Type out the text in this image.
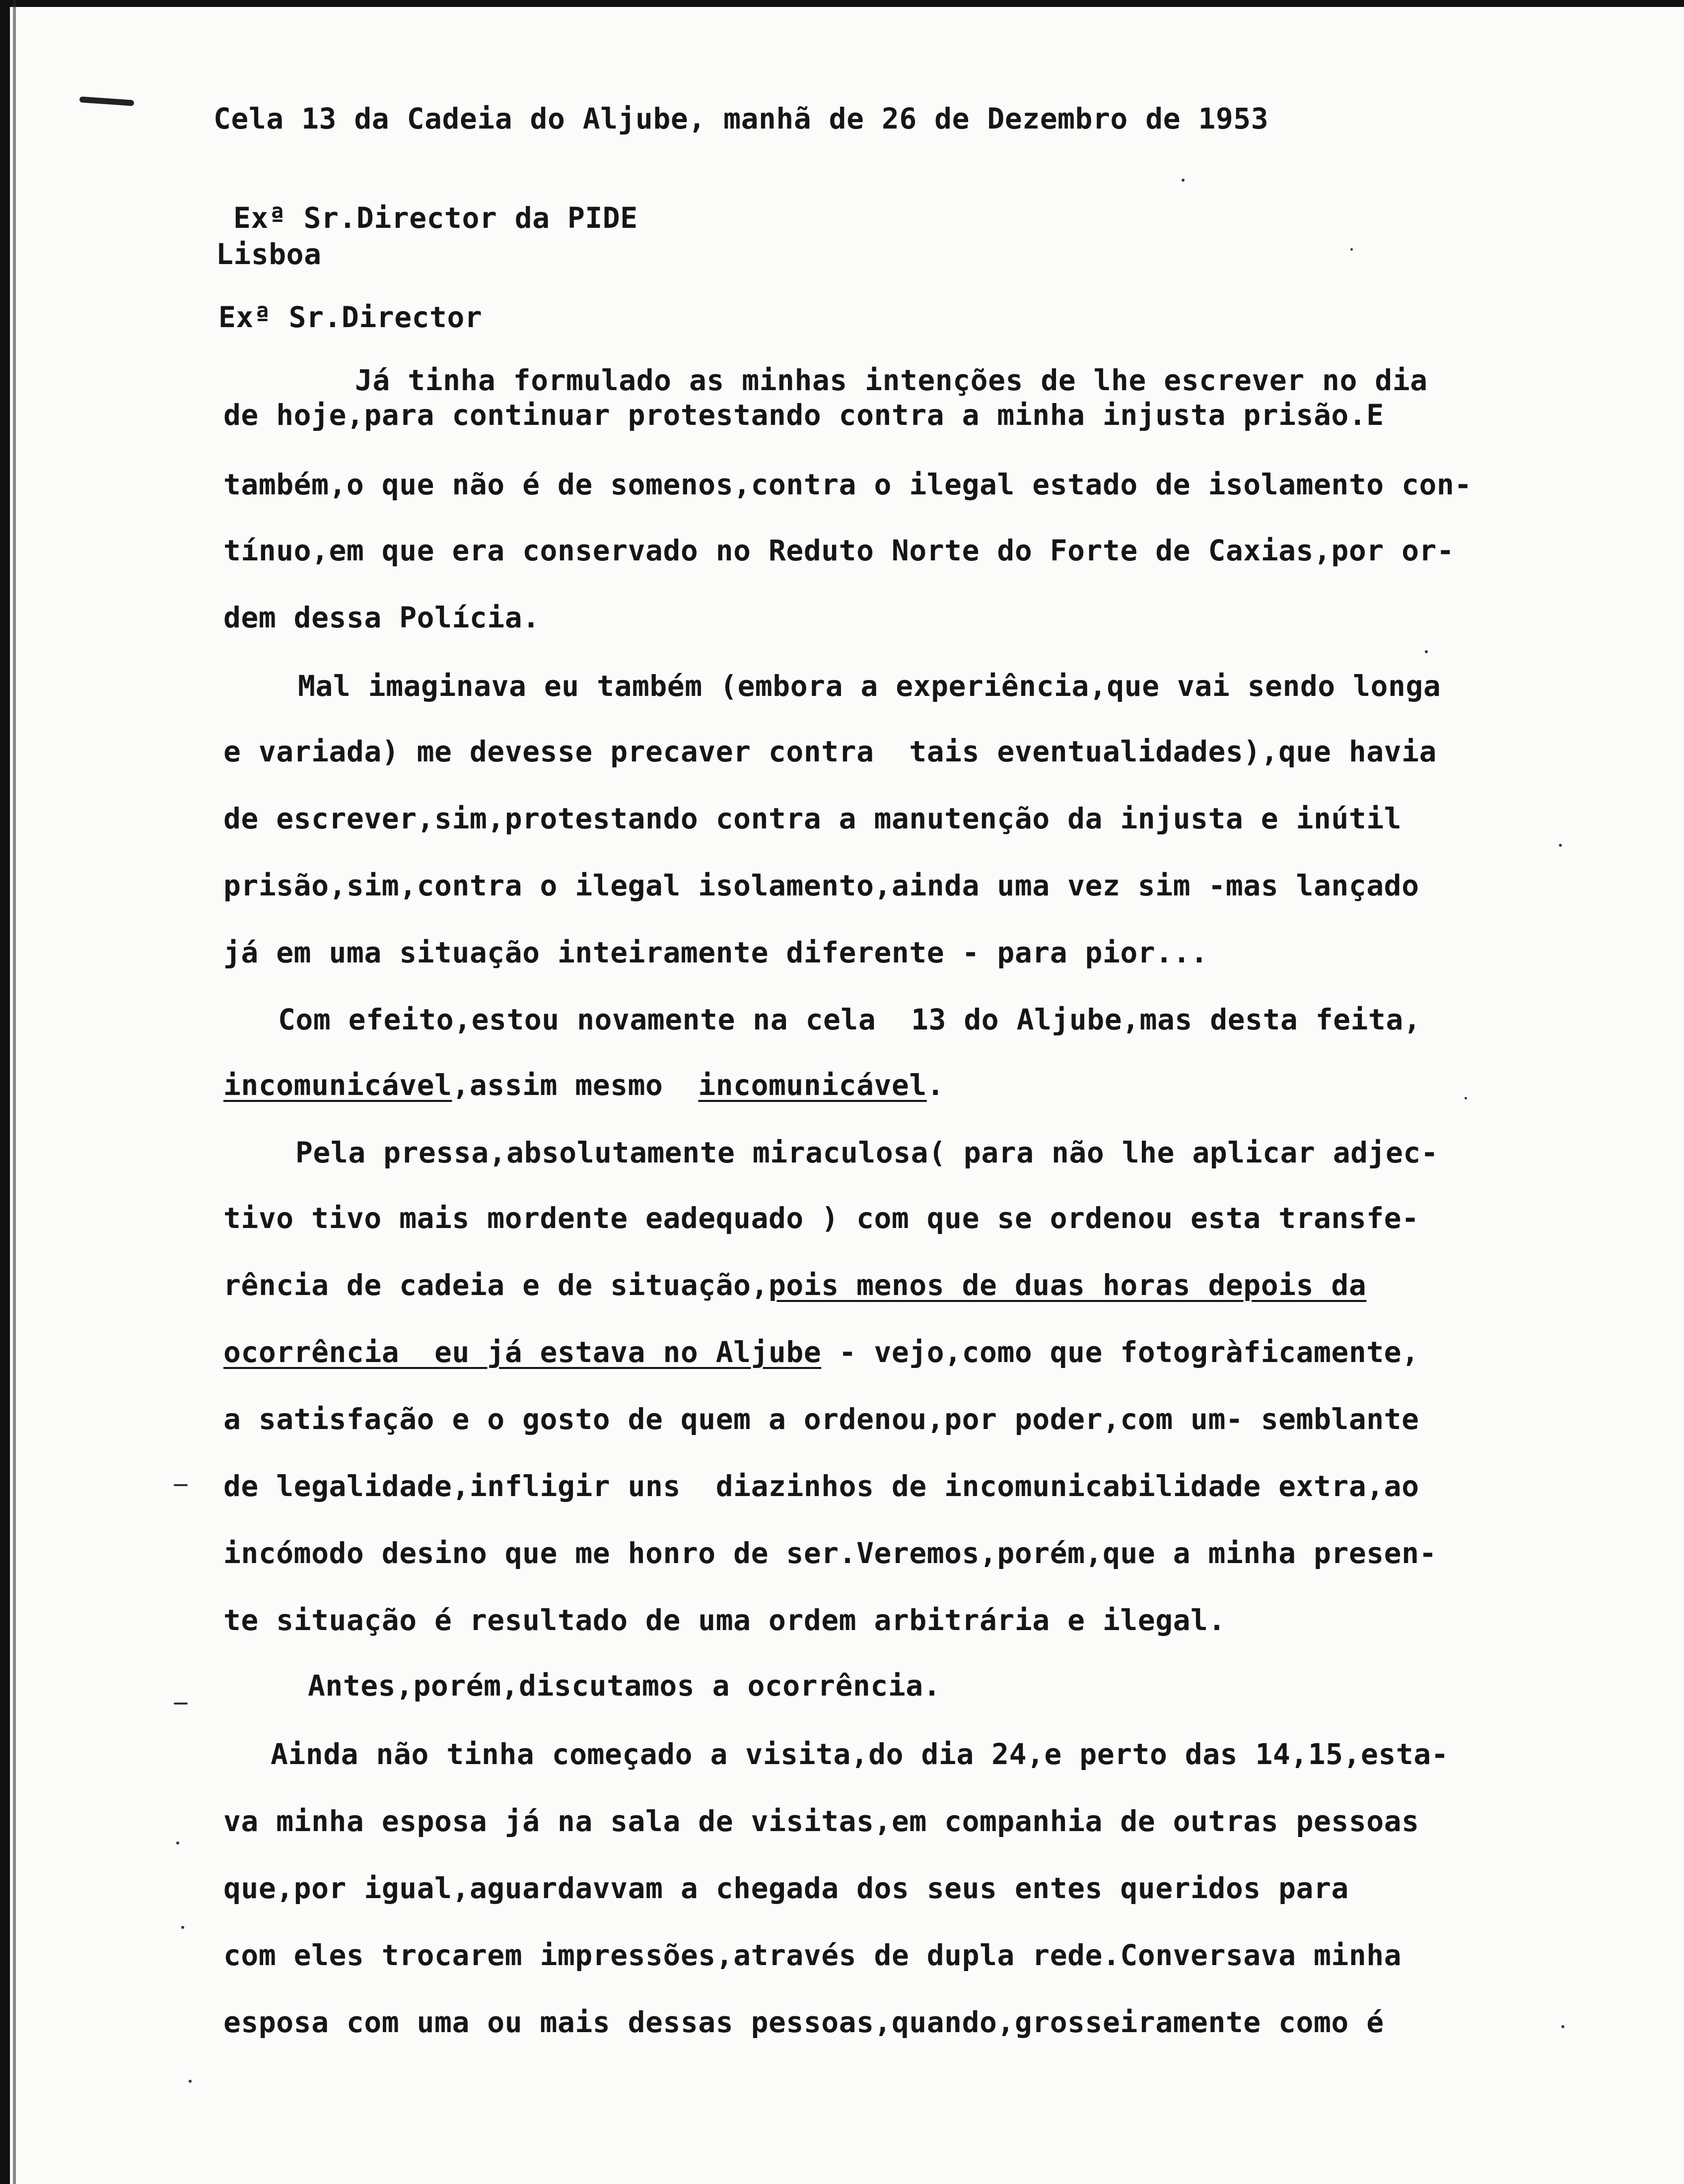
Cela 13 da Cadeia do Aljube, manhã de 26 de Dezembro de 1953

Exª Sr.Director da PIDE

Lisboa

Exª Sr.Director

Já tinha formulado as minhas intenções de lhe escrever no dia

de hoje,para continuar protestando contra a minha injusta prisão.E

também,o que não é de somenos,contra o ilegal estado de isolamento con-

tínuo,em que era conservado no Reduto Norte do Forte de Caxias,por or-

dem dessa Polícia.

Mal imaginava eu também (embora a experiência,que vai sendo longa

e variada) me devesse precaver contra  tais eventualidades),que havia

de escrever,sim,protestando contra a manutenção da injusta e inútil

prisão,sim,contra o ilegal isolamento,ainda uma vez sim -mas lançado

já em uma situação inteiramente diferente - para pior...

Com efeito,estou novamente na cela  13 do Aljube,mas desta feita,

incomunicável,assim mesmo  incomunicável.

Pela pressa,absolutamente miraculosa( para não lhe aplicar adjec-

tivo tivo mais mordente eadequado ) com que se ordenou esta transfe-

rência de cadeia e de situação,pois menos de duas horas depois da

ocorrência  eu já estava no Aljube - vejo,como que fotogràficamente,

a satisfação e o gosto de quem a ordenou,por poder,com um- semblante

de legalidade,infligir uns  diazinhos de incomunicabilidade extra,ao

incómodo desino que me honro de ser.Veremos,porém,que a minha presen-

te situação é resultado de uma ordem arbitrária e ilegal.

Antes,porém,discutamos a ocorrência.

Ainda não tinha começado a visita,do dia 24,e perto das 14,15,esta-

va minha esposa já na sala de visitas,em companhia de outras pessoas

que,por igual,aguardavvam a chegada dos seus entes queridos para

com eles trocarem impressões,através de dupla rede.Conversava minha

esposa com uma ou mais dessas pessoas,quando,grosseiramente como é
